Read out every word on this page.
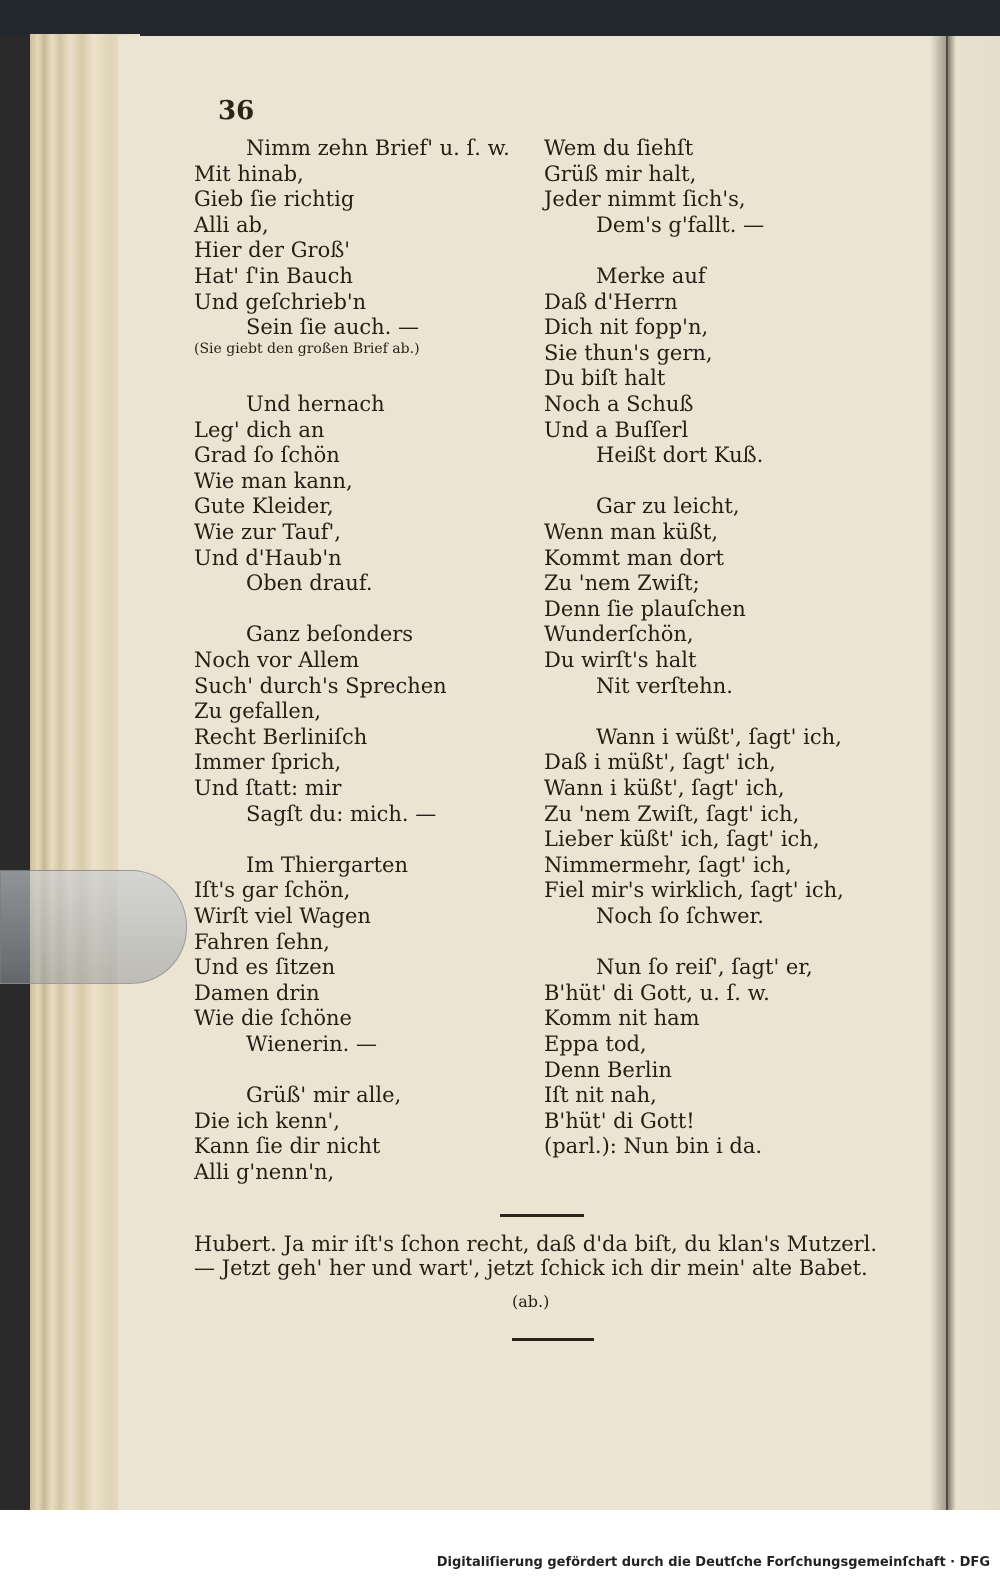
36
Nimm zehn Brief' u. ſ. w.
Mit hinab,
Gieb ſie richtig
Alli ab,
Hier der Groß'
Hat' ſ'in Bauch
Und geſchrieb'n
Sein ſie auch. —
(Sie giebt den großen Brief ab.)
Und hernach
Leg' dich an
Grad ſo ſchön
Wie man kann,
Gute Kleider,
Wie zur Tauf',
Und d'Haub'n
Oben drauf.
Ganz beſonders
Noch vor Allem
Such' durch's Sprechen
Zu gefallen,
Recht Berliniſch
Immer ſprich,
Und ſtatt: mir
Sagſt du: mich. —
Im Thiergarten
Iſt's gar ſchön,
Wirſt viel Wagen
Fahren ſehn,
Und es ſitzen
Damen drin
Wie die ſchöne
Wienerin. —
Grüß' mir alle,
Die ich kenn',
Kann ſie dir nicht
Alli g'nenn'n,
Wem du ſiehſt
Grüß mir halt,
Jeder nimmt ſich's,
Dem's g'fallt. —
Merke auf
Daß d'Herrn
Dich nit fopp'n,
Sie thun's gern,
Du biſt halt
Noch a Schuß
Und a Buſſerl
Heißt dort Kuß.
Gar zu leicht,
Wenn man küßt,
Kommt man dort
Zu 'nem Zwiſt;
Denn ſie plauſchen
Wunderſchön,
Du wirſt's halt
Nit verſtehn.
Wann i wüßt', ſagt' ich,
Daß i müßt', ſagt' ich,
Wann i küßt', ſagt' ich,
Zu 'nem Zwiſt, ſagt' ich,
Lieber küßt' ich, ſagt' ich,
Nimmermehr, ſagt' ich,
Fiel mir's wirklich, ſagt' ich,
Noch ſo ſchwer.
Nun ſo reiſ', ſagt' er,
B'hüt' di Gott, u. ſ. w.
Komm nit ham
Eppa tod,
Denn Berlin
Iſt nit nah,
B'hüt' di Gott!
(parl.): Nun bin i da.
Hubert. Ja mir iſt's ſchon recht, daß d'da biſt, du klan's Mutzerl. — Jetzt geh' her und wart', jetzt ſchick ich dir mein' alte Babet.
(ab.)
Digitaliſierung gefördert durch die Deutſche Forſchungsgemeinſchaft · DFG
